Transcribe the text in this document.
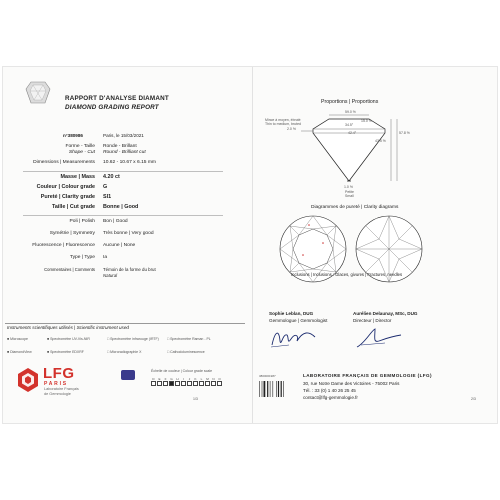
RAPPORT D'ANALYSE DIAMANT
DIAMOND GRADING REPORT
n°380986	Paris, le 15/03/2021
Forme - Taille
Shape - Cut
Ronde - Brillant
Round - Brilliant cut
Dimensions | Measurements 10.62 - 10.67 x 6.15 mm
Masse | Mass 4.20 ct
Couleur | Colour grade G
Pureté | Clarity grade SI1
Taille | Cut grade Bonne | Good
Poli | Polish Bon | Good
Symétrie | Symmetry Très bonne | Very good
Fluorescence | Fluorescence Aucune | None
Type | Type Ia
Commentaires | Comments Témoin de la forme du brut
Natural
Instruments scientifiques utilisés | Scientific instrument used
■ Microscope	■ Spectromètre UV-Vis-NIR	□ Spectromètre infrarouge (IRTF) □ Spectromètre Raman - PL
■ DiamondView	■ Spectromètre EDXRF	□ Microradiographie X	□ Cathodoluminescence
LFG
PARIS
Laboratoire Français
de Gemmologie
Échelle de couleur | Colour grade scale
D E F G H I J K L M N O
1/3
Proportions | Proportions
59.0 %
34.5°
15.0 %
42.4°
43.5 %
57.8 %
2.0 %
Mince à moyen, ébruté
Thin to medium, bruted
1.0 %
Petite
Small
Diagrammes de pureté | Clarity diagrams
Inclusions | Inclusions : Glaces, givures | Fractures, needles
Sophie Leblan, DUG
Gemmologue | Gemmologist
Aurélien Delaunay, MSc, DUG
Directeur | Director
3800001987	LABORATOIRE FRANÇAIS DE GEMMOLOGIE (LFG)
30, rue Notre Dame des Victoires - 75002 Paris
Tél. : 33 (0) 1 40 26 25 45
contact@lfg-gemmologie.fr	2/3
